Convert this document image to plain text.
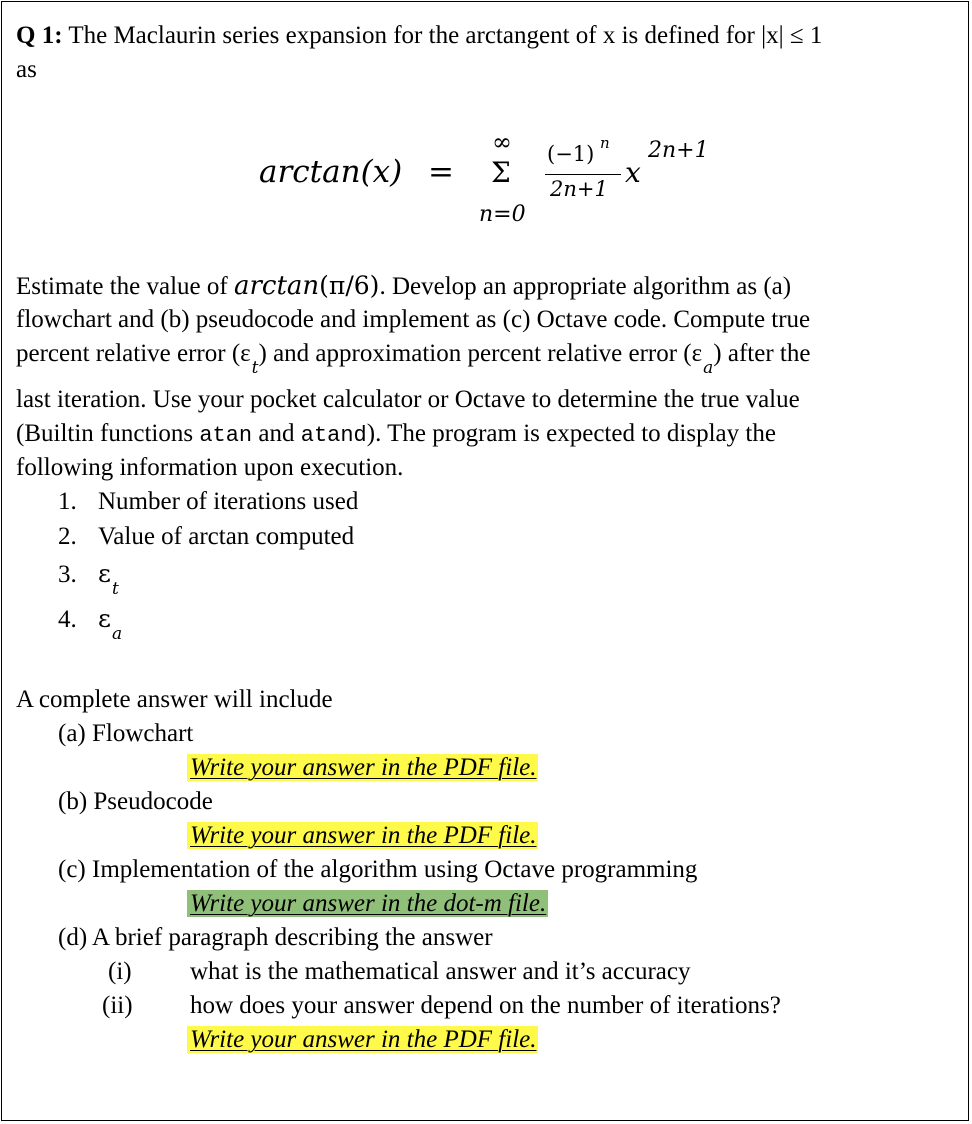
Q 1: The Maclaurin series expansion for the arctangent of x is defined for |x| ≤ 1
as
arctan(x) =
∞
Σ
n=0
(−1) n
2n+1 x
2n+1
Estimate the value of arctan(π/6). Develop an appropriate algorithm as (a)
flowchart and (b) pseudocode and implement as (c) Octave code. Compute true
percent relative error $(\varepsilon_t)$ and approximation percent relative error $(\varepsilon_a)$ after the
last iteration. Use your pocket calculator or Octave to determine the true value
(Builtin functions atan and atand). The program is expected to display the
following information upon execution.
1. Number of iterations used
2. Value of arctan computed
3. $\varepsilon_t$
4. $\varepsilon_a$
A complete answer will include
(a) Flowchart
Write your answer in the PDF file.
(b) Pseudocode
Write your answer in the PDF file.
(c) Implementation of the algorithm using Octave programming
Write your answer in the dot-m file.
(d) A brief paragraph describing the answer
(i) what is the mathematical answer and it’s accuracy
(ii) how does your answer depend on the number of iterations?
Write your answer in the PDF file.
